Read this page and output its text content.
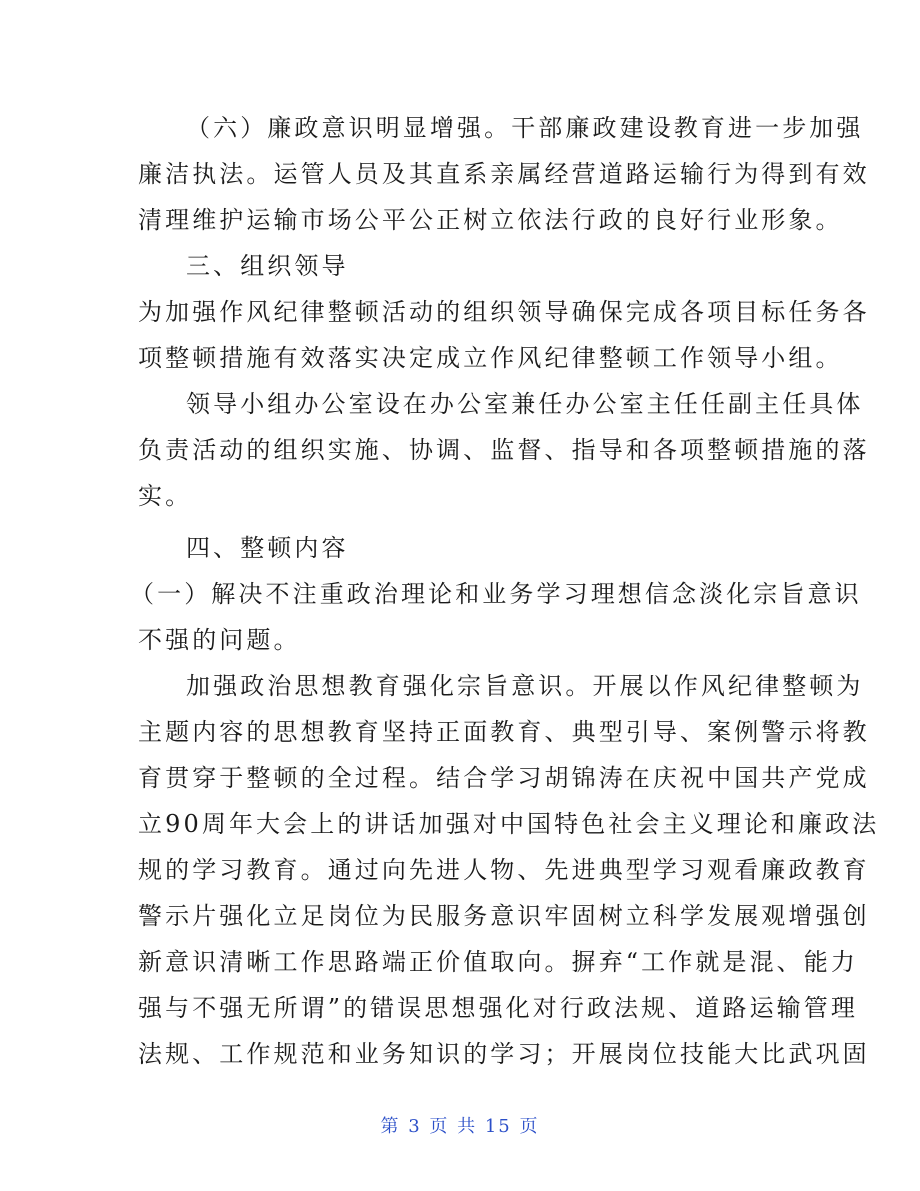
（六）廉政意识明显增强。干部廉政建设教育进一步加强
廉洁执法。运管人员及其直系亲属经营道路运输行为得到有效
清理维护运输市场公平公正树立依法行政的良好行业形象。
三、组织领导
为加强作风纪律整顿活动的组织领导确保完成各项目标任务各
项整顿措施有效落实决定成立作风纪律整顿工作领导小组。
领导小组办公室设在办公室兼任办公室主任任副主任具体
负责活动的组织实施、协调、监督、指导和各项整顿措施的落
实。
四、整顿内容
（一）解决不注重政治理论和业务学习理想信念淡化宗旨意识
不强的问题。
加强政治思想教育强化宗旨意识。开展以作风纪律整顿为
主题内容的思想教育坚持正面教育、典型引导、案例警示将教
育贯穿于整顿的全过程。结合学习胡锦涛在庆祝中国共产党成
立90周年大会上的讲话加强对中国特色社会主义理论和廉政法
规的学习教育。通过向先进人物、先进典型学习观看廉政教育
警示片强化立足岗位为民服务意识牢固树立科学发展观增强创
新意识清晰工作思路端正价值取向。摒弃“工作就是混、能力
强与不强无所谓”的错误思想强化对行政法规、道路运输管理
法规、工作规范和业务知识的学习；开展岗位技能大比武巩固
第 3 页 共 15 页
